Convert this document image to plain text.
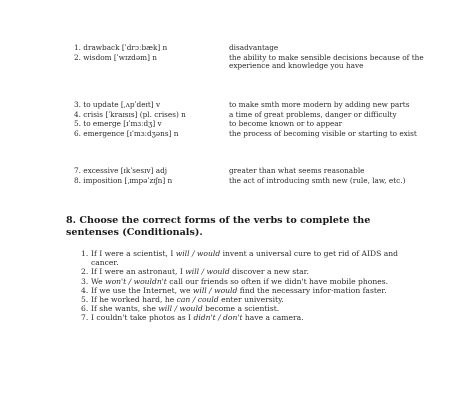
1. drawback [ˈdrɔːbæk] n	disadvantage
2. wisdom [ˈwɪzdəm] n	the ability to make sensible decisions because of the experience and knowledge you have
3. to update [ˌʌpˈdeɪt] v	to make smth more modern by adding new parts
4. crisis [ˈkraɪsɪs] (pl. crises) n	a time of great problems, danger or difficulty
5. to emerge [ɪˈmɜːdʒ] v	to become known or to appear
6. emergence [ɪˈmɜːdʒəns] n	the process of becoming visible or starting to exist
7. excessive [ɪkˈsesɪv] adj	greater than what seems reasonable
8. imposition [ˌɪmpəˈzɪʃn] n	the act of introducing smth new (rule, law, etc.)
8. Choose the correct forms of the verbs to complete the sentenses (Conditionals).
1. If I were a scientist, I will / would invent a universal cure to get rid of AIDS and cancer.
2. If I were an astronaut, I will / would discover a new star.
3. We won't / wouldn't call our friends so often if we didn't have mobile phones.
4. If we use the Internet, we will / would find the necessary infor-mation faster.
5. If he worked hard, he can / could enter university.
6. If she wants, she will / would become a scientist.
7. I couldn't take photos as I didn't / don't have a camera.
